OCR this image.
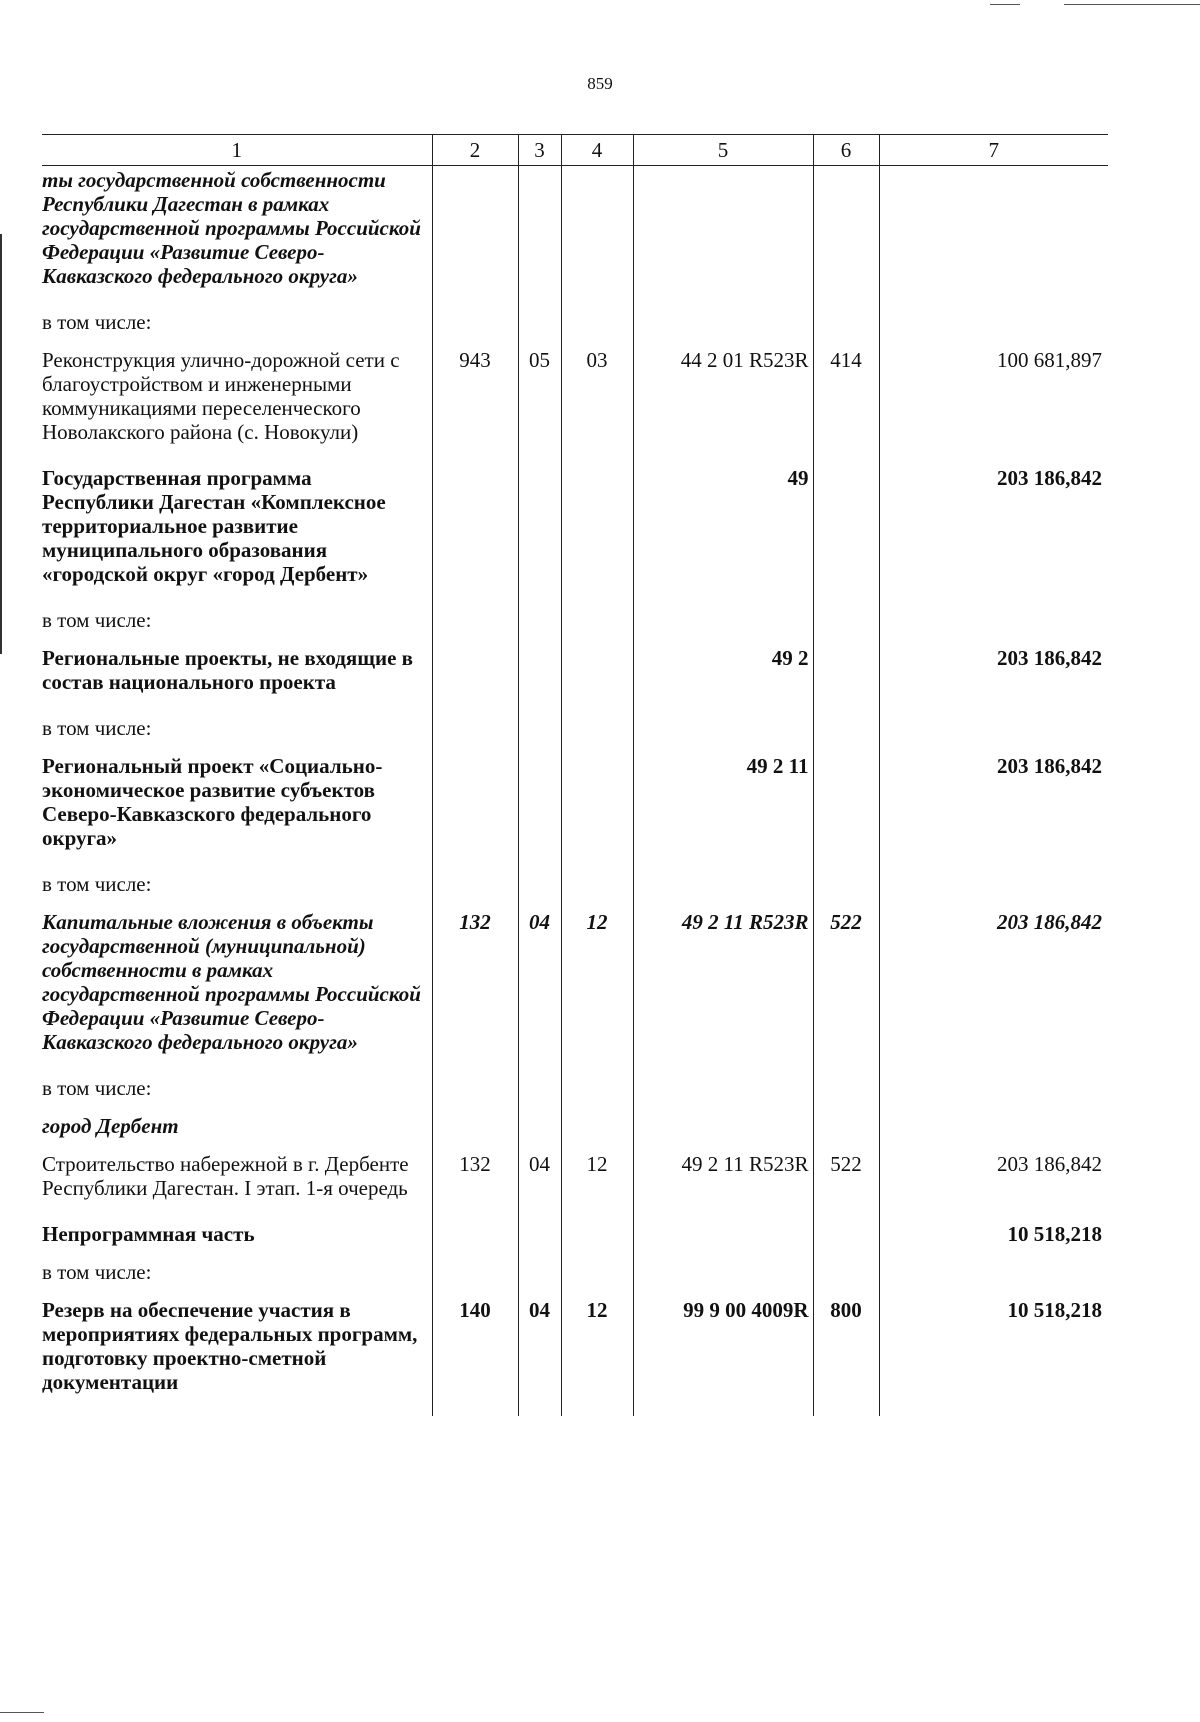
859
1	2	3	4	5	6	7
ты государственной собственности Республики Дагестан в рамках государственной программы Российской Федерации «Развитие Северо-Кавказского федерального округа»						
в том числе:						
Реконструкция улично-дорожной сети с благоустройством и инженерными коммуникациями переселенческого Новолакского района (с. Новокули)	943	05	03	44 2 01 R523R	414	100 681,897
Государственная программа Республики Дагестан «Комплексное территориальное развитие муниципального образования «городской округ «город Дербент»				49		203 186,842
в том числе:						
Региональные проекты, не входящие в состав национального проекта				49 2		203 186,842
в том числе:						
Региональный проект «Социально-экономическое развитие субъектов Северо-Кавказского федерального округа»				49 2 11		203 186,842
в том числе:						
Капитальные вложения в объекты государственной (муниципальной) собственности в рамках государственной программы Российской Федерации «Развитие Северо-Кавказского федерального округа»	132	04	12	49 2 11 R523R	522	203 186,842
в том числе:						
город Дербент						
Строительство набережной в г. Дербенте Республики Дагестан. I этап. 1-я очередь	132	04	12	49 2 11 R523R	522	203 186,842
Непрограммная часть						10 518,218
в том числе:						
Резерв на обеспечение участия в мероприятиях федеральных программ, подготовку проектно-сметной документации	140	04	12	99 9 00 4009R	800	10 518,218
